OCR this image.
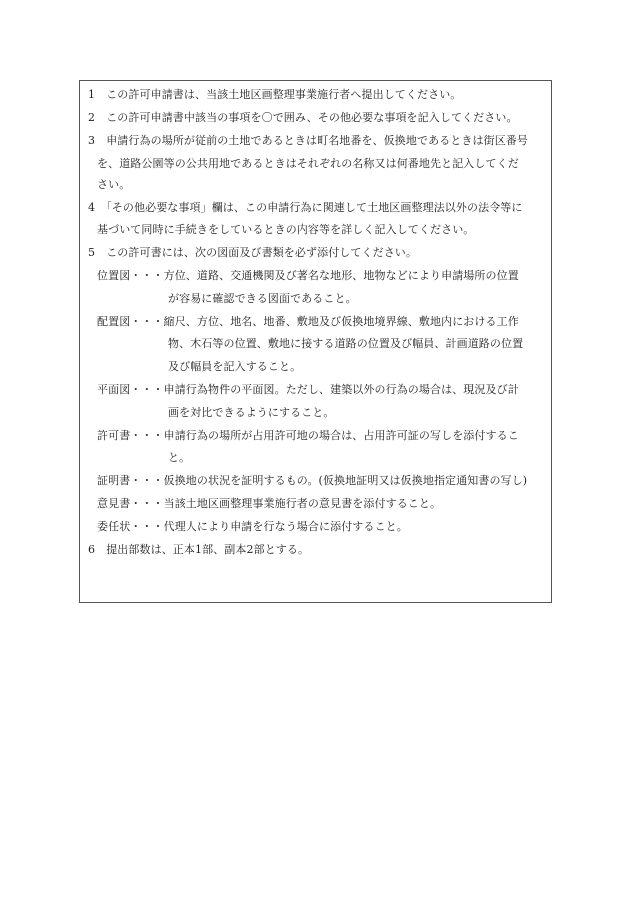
1　この許可申請書は、当該土地区画整理事業施行者へ提出してください。
2　この許可申請書中該当の事項を〇で囲み、その他必要な事項を記入してください。
3　申請行為の場所が従前の土地であるときは町名地番を、仮換地であるときは街区番号
を、道路公園等の公共用地であるときはそれぞれの名称又は何番地先と記入してくだ
さい。
4　「その他必要な事項」欄は、この申請行為に関連して土地区画整理法以外の法令等に
基づいて同時に手続きをしているときの内容等を詳しく記入してください。
5　この許可書には、次の図面及び書類を必ず添付してください。
位置図・・・方位、道路、交通機関及び著名な地形、地物などにより申請場所の位置
が容易に確認できる図面であること。
配置図・・・縮尺、方位、地名、地番、敷地及び仮換地境界線、敷地内における工作
物、木石等の位置、敷地に接する道路の位置及び幅員、計画道路の位置
及び幅員を記入すること。
平面図・・・申請行為物件の平面図。ただし、建築以外の行為の場合は、現況及び計
画を対比できるようにすること。
許可書・・・申請行為の場所が占用許可地の場合は、占用許可証の写しを添付するこ
と。
証明書・・・仮換地の状況を証明するもの。(仮換地証明又は仮換地指定通知書の写し)
意見書・・・当該土地区画整理事業施行者の意見書を添付すること。
委任状・・・代理人により申請を行なう場合に添付すること。
6　提出部数は、正本1部、副本2部とする。
